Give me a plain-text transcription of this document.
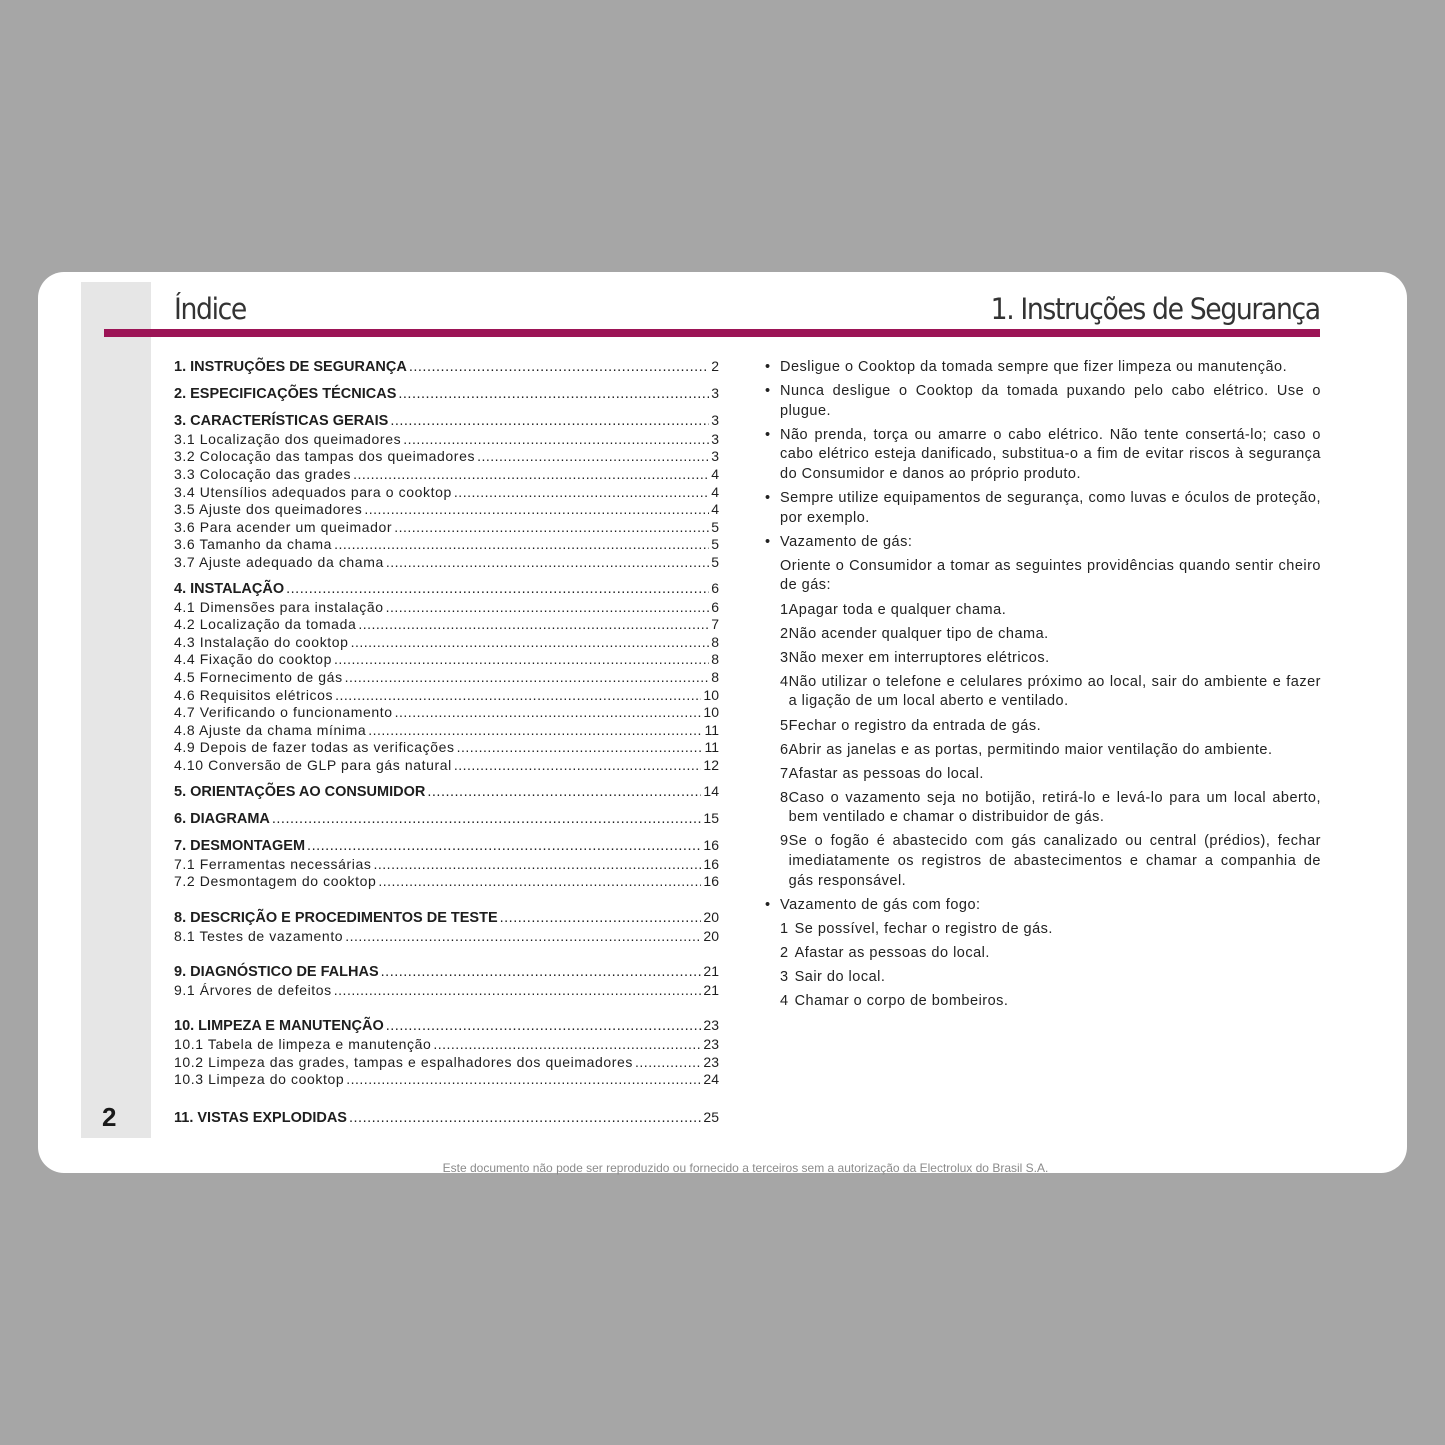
2
Índice	1. Instruções de Segurança
1. INSTRUÇÕES DE SEGURANÇA .....	2
2. ESPECIFICAÇÕES TÉCNICAS .....	3
3. CARACTERÍSTICAS GERAIS .....	3
3.1 Localização dos queimadores .....	3
3.2 Colocação das tampas dos queimadores .....	3
3.3 Colocação das grades .....	4
3.4 Utensílios adequados para o cooktop .....	4
3.5 Ajuste dos queimadores .....	4
3.6 Para acender um queimador .....	5
3.6 Tamanho da chama .....	5
3.7 Ajuste adequado da chama .....	5
4. INSTALAÇÃO .....	6
4.1 Dimensões para instalação .....	6
4.2 Localização da tomada .....	7
4.3 Instalação do cooktop .....	8
4.4 Fixação do cooktop .....	8
4.5 Fornecimento de gás .....	8
4.6 Requisitos elétricos .....	10
4.7 Verificando o funcionamento .....	10
4.8 Ajuste da chama mínima .....	11
4.9 Depois de fazer todas as verificações .....	11
4.10 Conversão de GLP para gás natural .....	12
5. ORIENTAÇÕES AO CONSUMIDOR .....	14
6. DIAGRAMA .....	15
7. DESMONTAGEM .....	16
7.1 Ferramentas necessárias .....	16
7.2 Desmontagem do cooktop .....	16
8. DESCRIÇÃO E PROCEDIMENTOS DE TESTE .....	20
8.1 Testes de vazamento .....	20
9. DIAGNÓSTICO DE FALHAS .....	21
9.1 Árvores de defeitos .....	21
10. LIMPEZA E MANUTENÇÃO .....	23
10.1 Tabela de limpeza e manutenção .....	23
10.2 Limpeza das grades, tampas e espalhadores dos queimadores .....	23
10.3 Limpeza do cooktop .....	24
11. VISTAS EXPLODIDAS .....	25
• Desligue o Cooktop da tomada sempre que fizer limpeza ou manutenção.
• Nunca desligue o Cooktop da tomada puxando pelo cabo elétrico. Use o plugue.
• Não prenda, torça ou amarre o cabo elétrico. Não tente consertá-lo; caso o cabo elétrico esteja danificado, substitua-o a fim de evitar riscos à segurança do Consumidor e danos ao próprio produto.
• Sempre utilize equipamentos de segurança, como luvas e óculos de proteção, por exemplo.
• Vazamento de gás:
Oriente o Consumidor a tomar as seguintes providências quando sentir cheiro de gás:
1 Apagar toda e qualquer chama.
2 Não acender qualquer tipo de chama.
3 Não mexer em interruptores elétricos.
4 Não utilizar o telefone e celulares próximo ao local, sair do ambiente e fazer a ligação de um local aberto e ventilado.
5 Fechar o registro da entrada de gás.
6 Abrir as janelas e as portas, permitindo maior ventilação do ambiente.
7 Afastar as pessoas do local.
8 Caso o vazamento seja no botijão, retirá-lo e levá-lo para um local aberto, bem ventilado e chamar o distribuidor de gás.
9 Se o fogão é abastecido com gás canalizado ou central (prédios), fechar imediatamente os registros de abastecimentos e chamar a companhia de gás responsável.
• Vazamento de gás com fogo:
1 Se possível, fechar o registro de gás.
2 Afastar as pessoas do local.
3 Sair do local.
4 Chamar o corpo de bombeiros.
Este documento não pode ser reproduzido ou fornecido a terceiros sem a autorização da Electrolux do Brasil S.A.
